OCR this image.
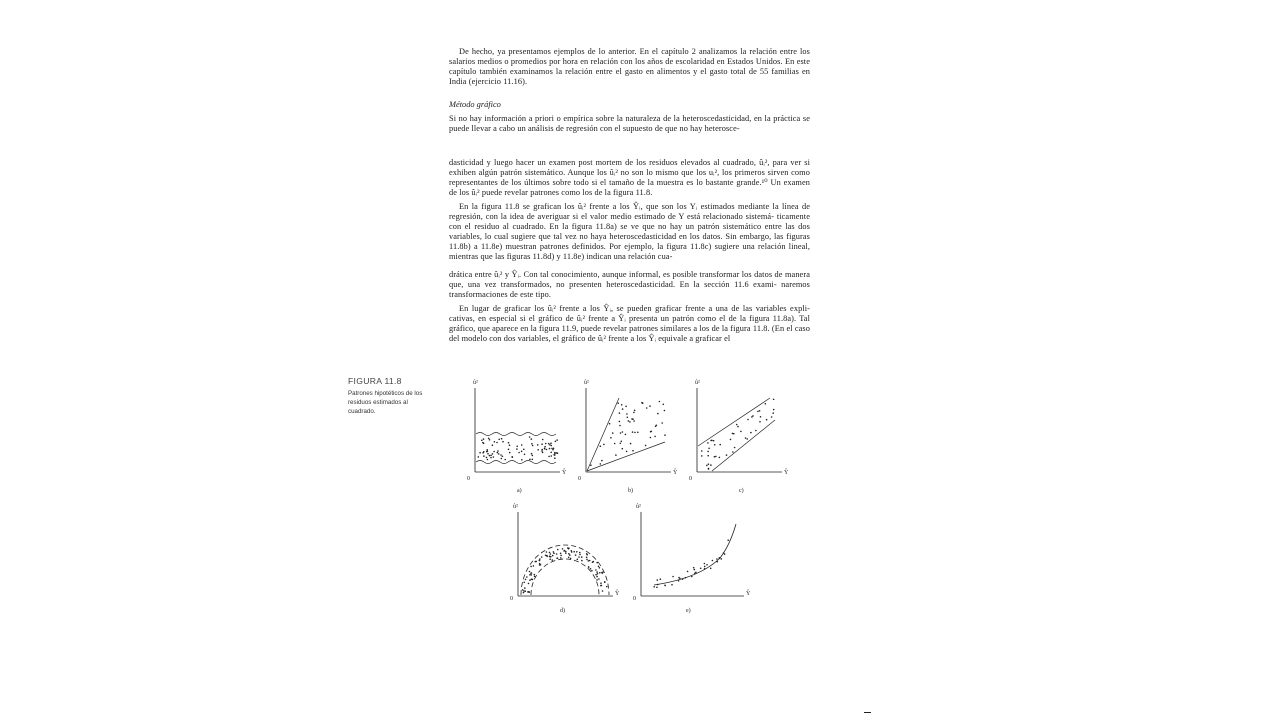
De hecho, ya presentamos ejemplos de lo anterior. En el capítulo 2 analizamos la relación entre los salarios medios o promedios por hora en relación con los años de escolaridad en Estados Unidos. En este capítulo también examinamos la relación entre el gasto en alimentos y el gasto total de 55 familias en India (ejercicio 11.16).

Método gráfico

Si no hay información a priori o empírica sobre la naturaleza de la heteroscedasticidad, en la práctica se puede llevar a cabo un análisis de regresión con el supuesto de que no hay heterosce-

dasticidad y luego hacer un examen post mortem de los residuos elevados al cuadrado, ûᵢ², para ver si exhiben algún patrón sistemático. Aunque los ûᵢ² no son lo mismo que los uᵢ², los primeros sirven como representantes de los últimos sobre todo si el tamaño de la muestra es lo bastante grande.¹⁰ Un examen de los ûᵢ² puede revelar patrones como los de la figura 11.8.

En la figura 11.8 se grafican los ûᵢ² frente a los Ŷᵢ, que son los Yᵢ estimados mediante la línea de regresión, con la idea de averiguar si el valor medio estimado de Y está relacionado sistemá- ticamente con el residuo al cuadrado. En la figura 11.8a) se ve que no hay un patrón sistemático entre las dos variables, lo cual sugiere que tal vez no haya heteroscedasticidad en los datos. Sin embargo, las figuras 11.8b) a 11.8e) muestran patrones definidos. Por ejemplo, la figura 11.8c) sugiere una relación lineal, mientras que las figuras 11.8d) y 11.8e) indican una relación cua-

drática entre ûᵢ² y Ŷᵢ. Con tal conocimiento, aunque informal, es posible transformar los datos de manera que, una vez transformados, no presenten heteroscedasticidad. En la sección 11.6 exami- naremos transformaciones de este tipo.

En lugar de graficar los ûᵢ² frente a los Ŷᵢ, se pueden graficar frente a una de las variables expli- cativas, en especial si el gráfico de ûᵢ² frente a Ŷᵢ presenta un patrón como el de la figura 11.8a). Tal gráfico, que aparece en la figura 11.9, puede revelar patrones similares a los de la figura 11.8. (En el caso del modelo con dos variables, el gráfico de ûᵢ² frente a los Ŷᵢ equivale a graficar el

FIGURA 11.8
Patrones hipotéticos de los residuos estimados al cuadrado.
û²
0
Ŷ
a)
û²
0
Ŷ
b)
û²
0
Ŷ
c)
û²
0
Ŷ
d)
û²
0
Ŷ
e)
